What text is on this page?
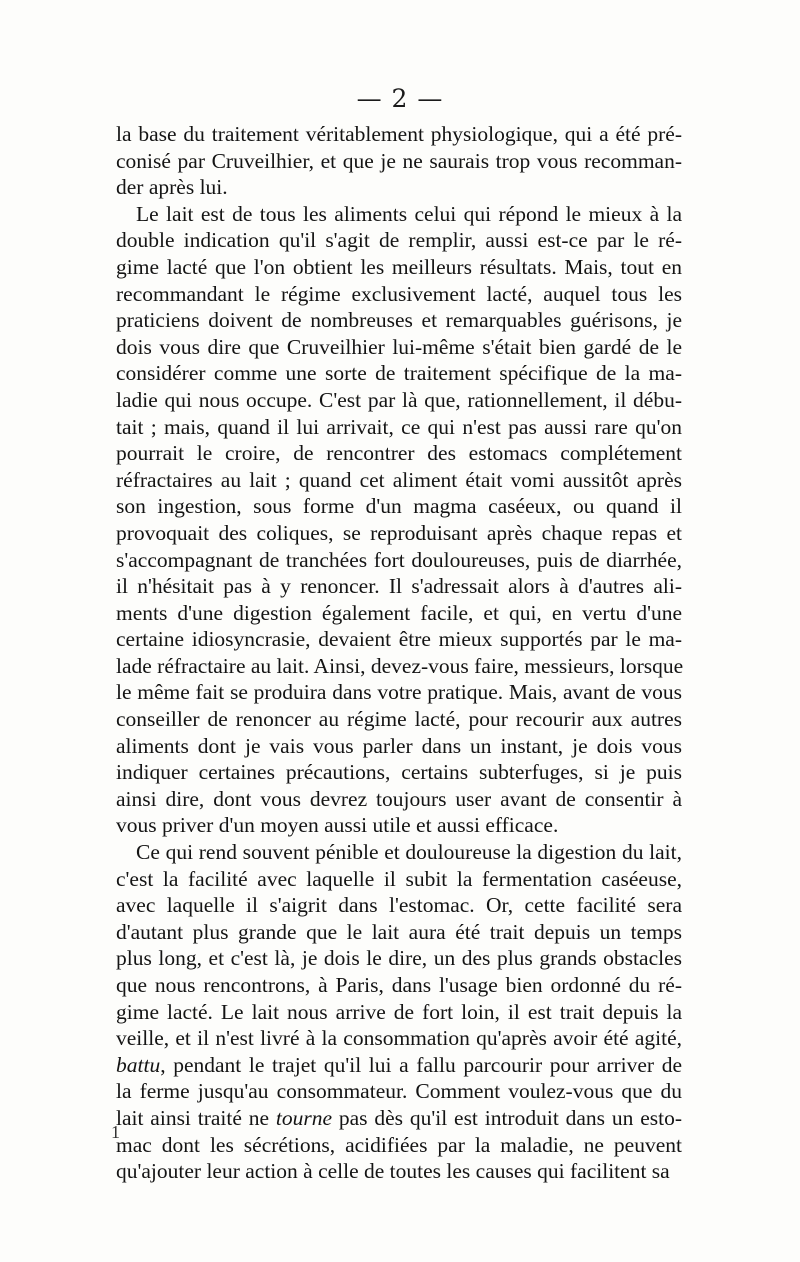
— 2 —
la base du traitement véritablement physiologique, qui a été pré-
conisé par Cruveilhier, et que je ne saurais trop vous recomman-
der après lui.
Le lait est de tous les aliments celui qui répond le mieux à la
double indication qu'il s'agit de remplir, aussi est-ce par le ré-
gime lacté que l'on obtient les meilleurs résultats. Mais, tout en
recommandant le régime exclusivement lacté, auquel tous les
praticiens doivent de nombreuses et remarquables guérisons, je
dois vous dire que Cruveilhier lui-même s'était bien gardé de le
considérer comme une sorte de traitement spécifique de la ma-
ladie qui nous occupe. C'est par là que, rationnellement, il débu-
tait ; mais, quand il lui arrivait, ce qui n'est pas aussi rare qu'on
pourrait le croire, de rencontrer des estomacs complétement
réfractaires au lait ; quand cet aliment était vomi aussitôt après
son ingestion, sous forme d'un magma caséeux, ou quand il
provoquait des coliques, se reproduisant après chaque repas et
s'accompagnant de tranchées fort douloureuses, puis de diarrhée,
il n'hésitait pas à y renoncer. Il s'adressait alors à d'autres ali-
ments d'une digestion également facile, et qui, en vertu d'une
certaine idiosyncrasie, devaient être mieux supportés par le ma-
lade réfractaire au lait. Ainsi, devez-vous faire, messieurs, lorsque
le même fait se produira dans votre pratique. Mais, avant de vous
conseiller de renoncer au régime lacté, pour recourir aux autres
aliments dont je vais vous parler dans un instant, je dois vous
indiquer certaines précautions, certains subterfuges, si je puis
ainsi dire, dont vous devrez toujours user avant de consentir à
vous priver d'un moyen aussi utile et aussi efficace.
Ce qui rend souvent pénible et douloureuse la digestion du lait,
c'est la facilité avec laquelle il subit la fermentation caséeuse,
avec laquelle il s'aigrit dans l'estomac. Or, cette facilité sera
d'autant plus grande que le lait aura été trait depuis un temps
plus long, et c'est là, je dois le dire, un des plus grands obstacles
que nous rencontrons, à Paris, dans l'usage bien ordonné du ré-
gime lacté. Le lait nous arrive de fort loin, il est trait depuis la
veille, et il n'est livré à la consommation qu'après avoir été agité,
battu, pendant le trajet qu'il lui a fallu parcourir pour arriver de
la ferme jusqu'au consommateur. Comment voulez-vous que du
lait ainsi traité ne tourne pas dès qu'il est introduit dans un esto-
mac dont les sécrétions, acidifiées par la maladie, ne peuvent
qu'ajouter leur action à celle de toutes les causes qui facilitent sa
1
